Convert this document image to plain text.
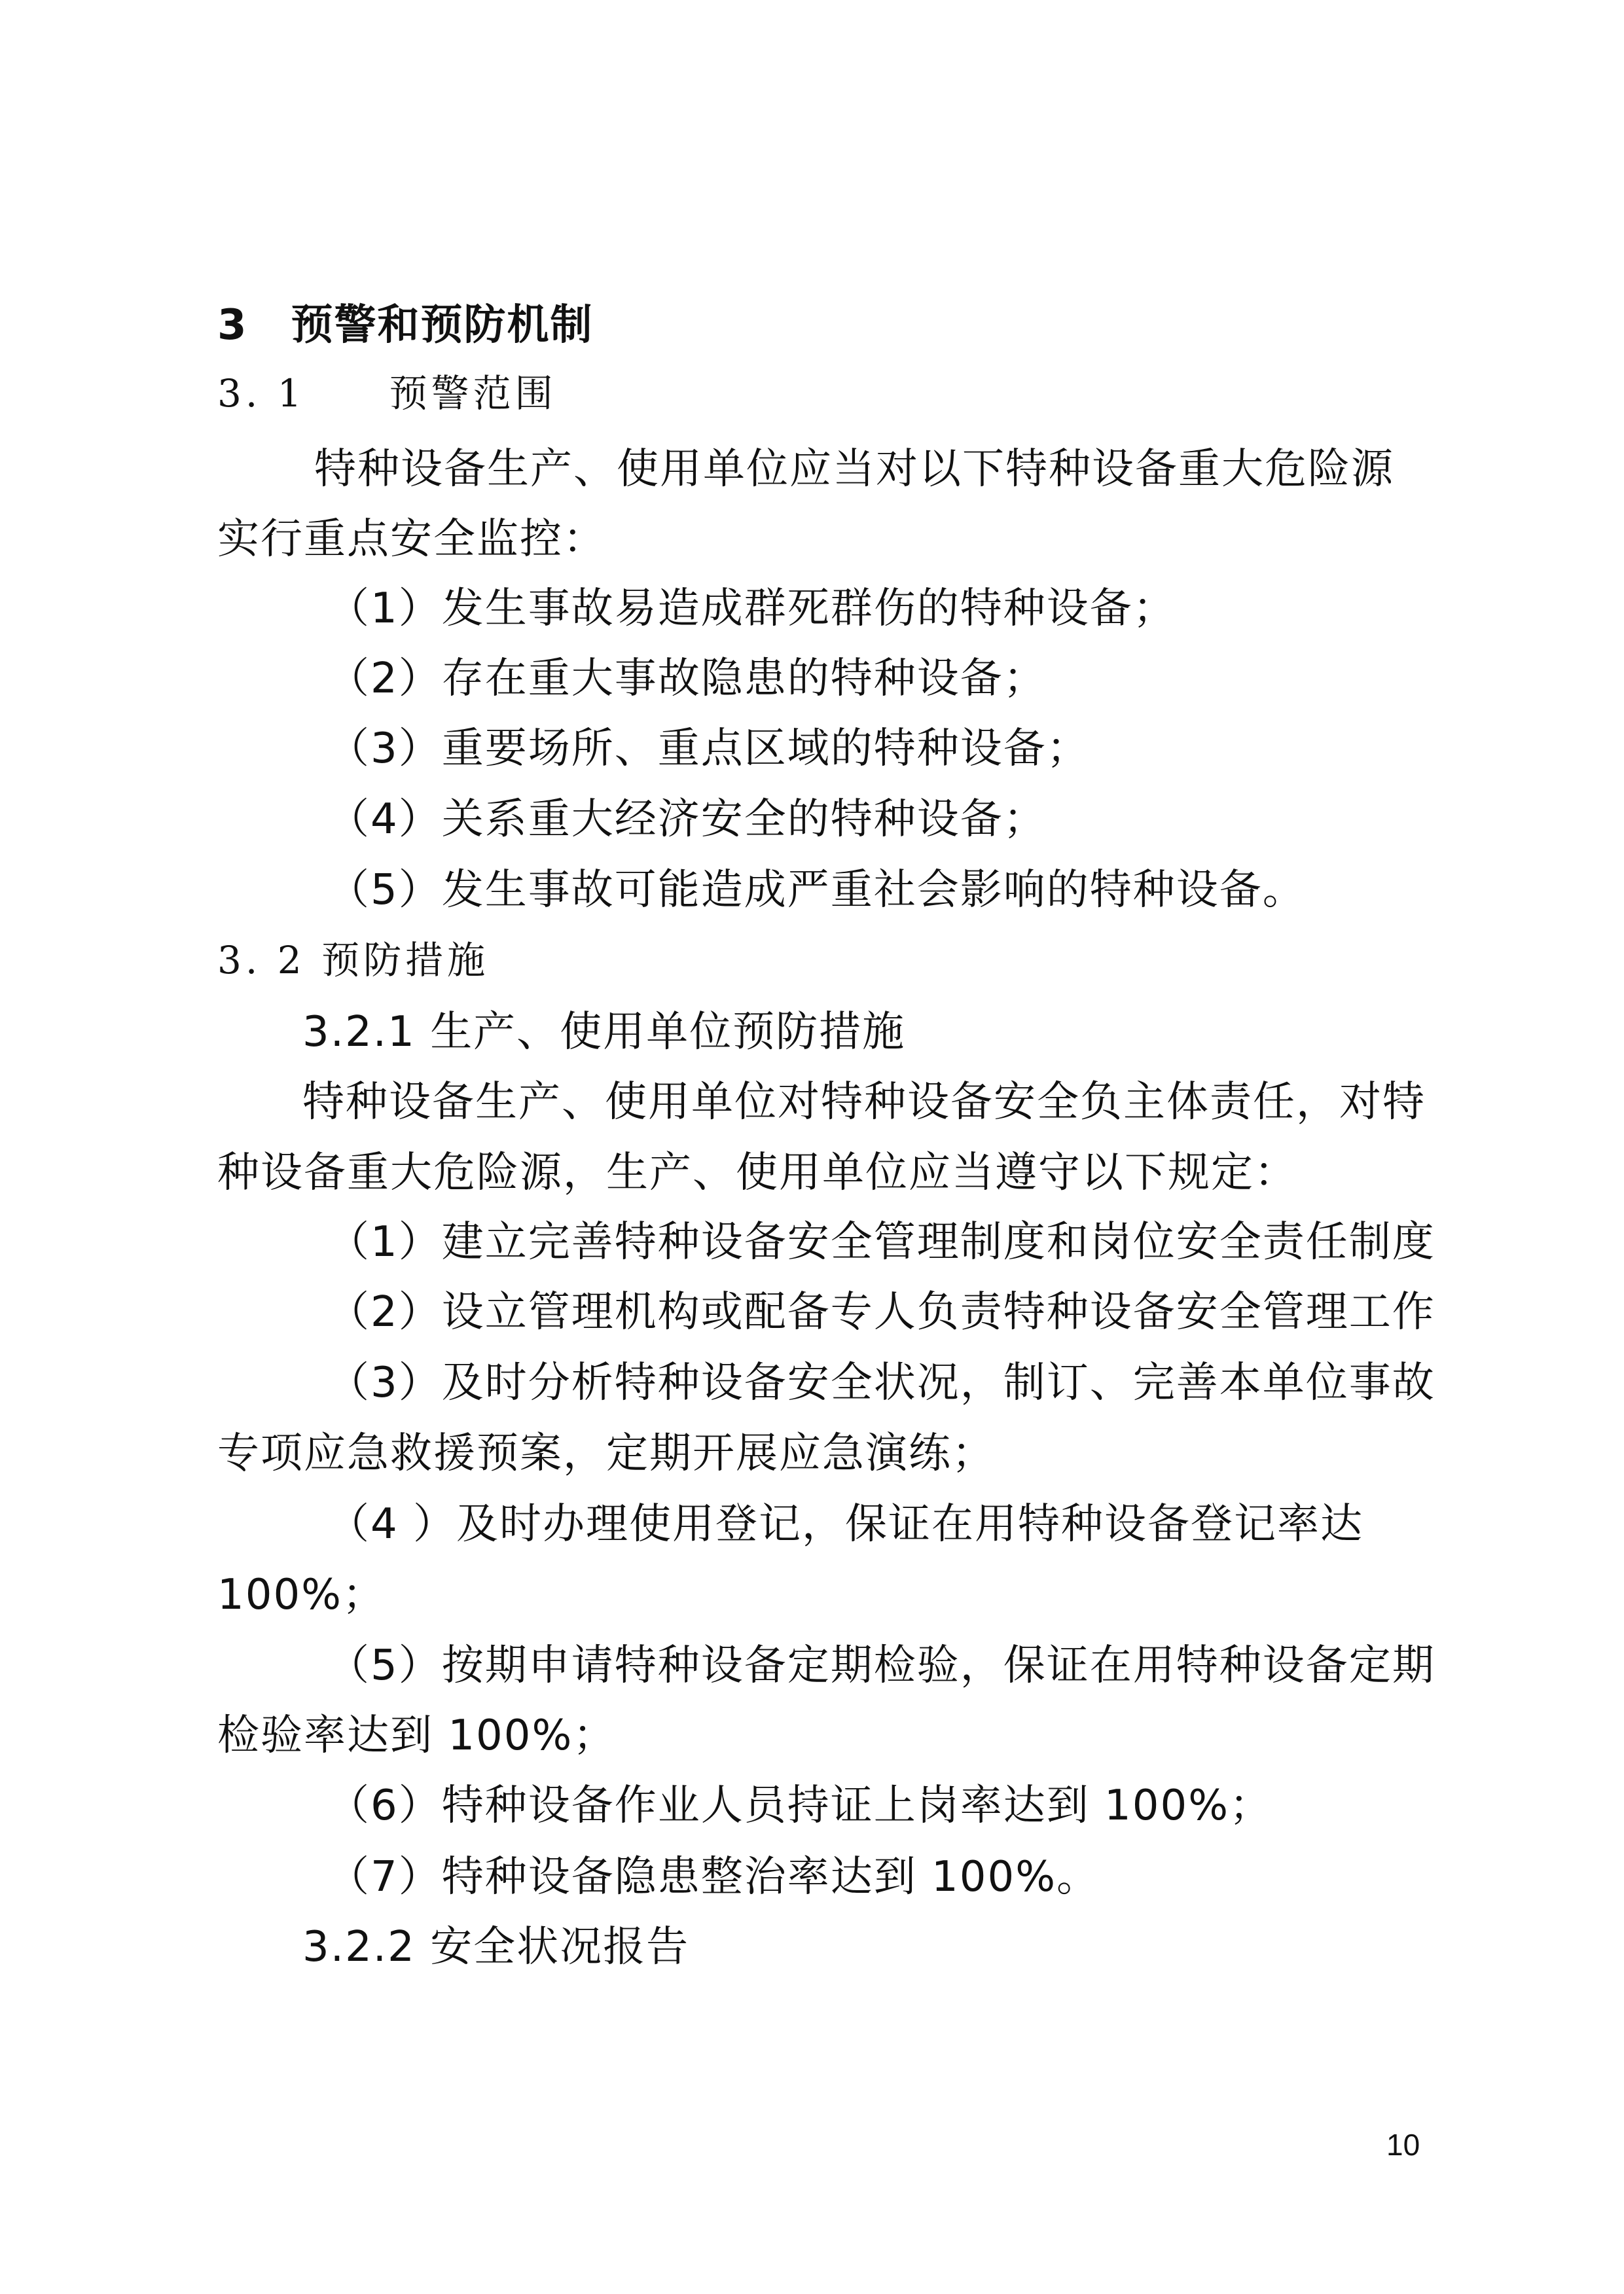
3　预警和预防机制
3. 1　　预警范围
特种设备生产、使用单位应当对以下特种设备重大危险源
实行重点安全监控：
（1）发生事故易造成群死群伤的特种设备；
（2）存在重大事故隐患的特种设备；
（3）重要场所、重点区域的特种设备；
（4）关系重大经济安全的特种设备；
（5）发生事故可能造成严重社会影响的特种设备。
3. 2 预防措施
3.2.1 生产、使用单位预防措施
特种设备生产、使用单位对特种设备安全负主体责任，对特
种设备重大危险源，生产、使用单位应当遵守以下规定：
（1）建立完善特种设备安全管理制度和岗位安全责任制度
（2）设立管理机构或配备专人负责特种设备安全管理工作
（3）及时分析特种设备安全状况，制订、完善本单位事故
专项应急救援预案，定期开展应急演练；
（4 ）及时办理使用登记，保证在用特种设备登记率达
100%；
（5）按期申请特种设备定期检验，保证在用特种设备定期
检验率达到 100%；
（6）特种设备作业人员持证上岗率达到 100%；
（7）特种设备隐患整治率达到 100%。
3.2.2 安全状况报告
10
